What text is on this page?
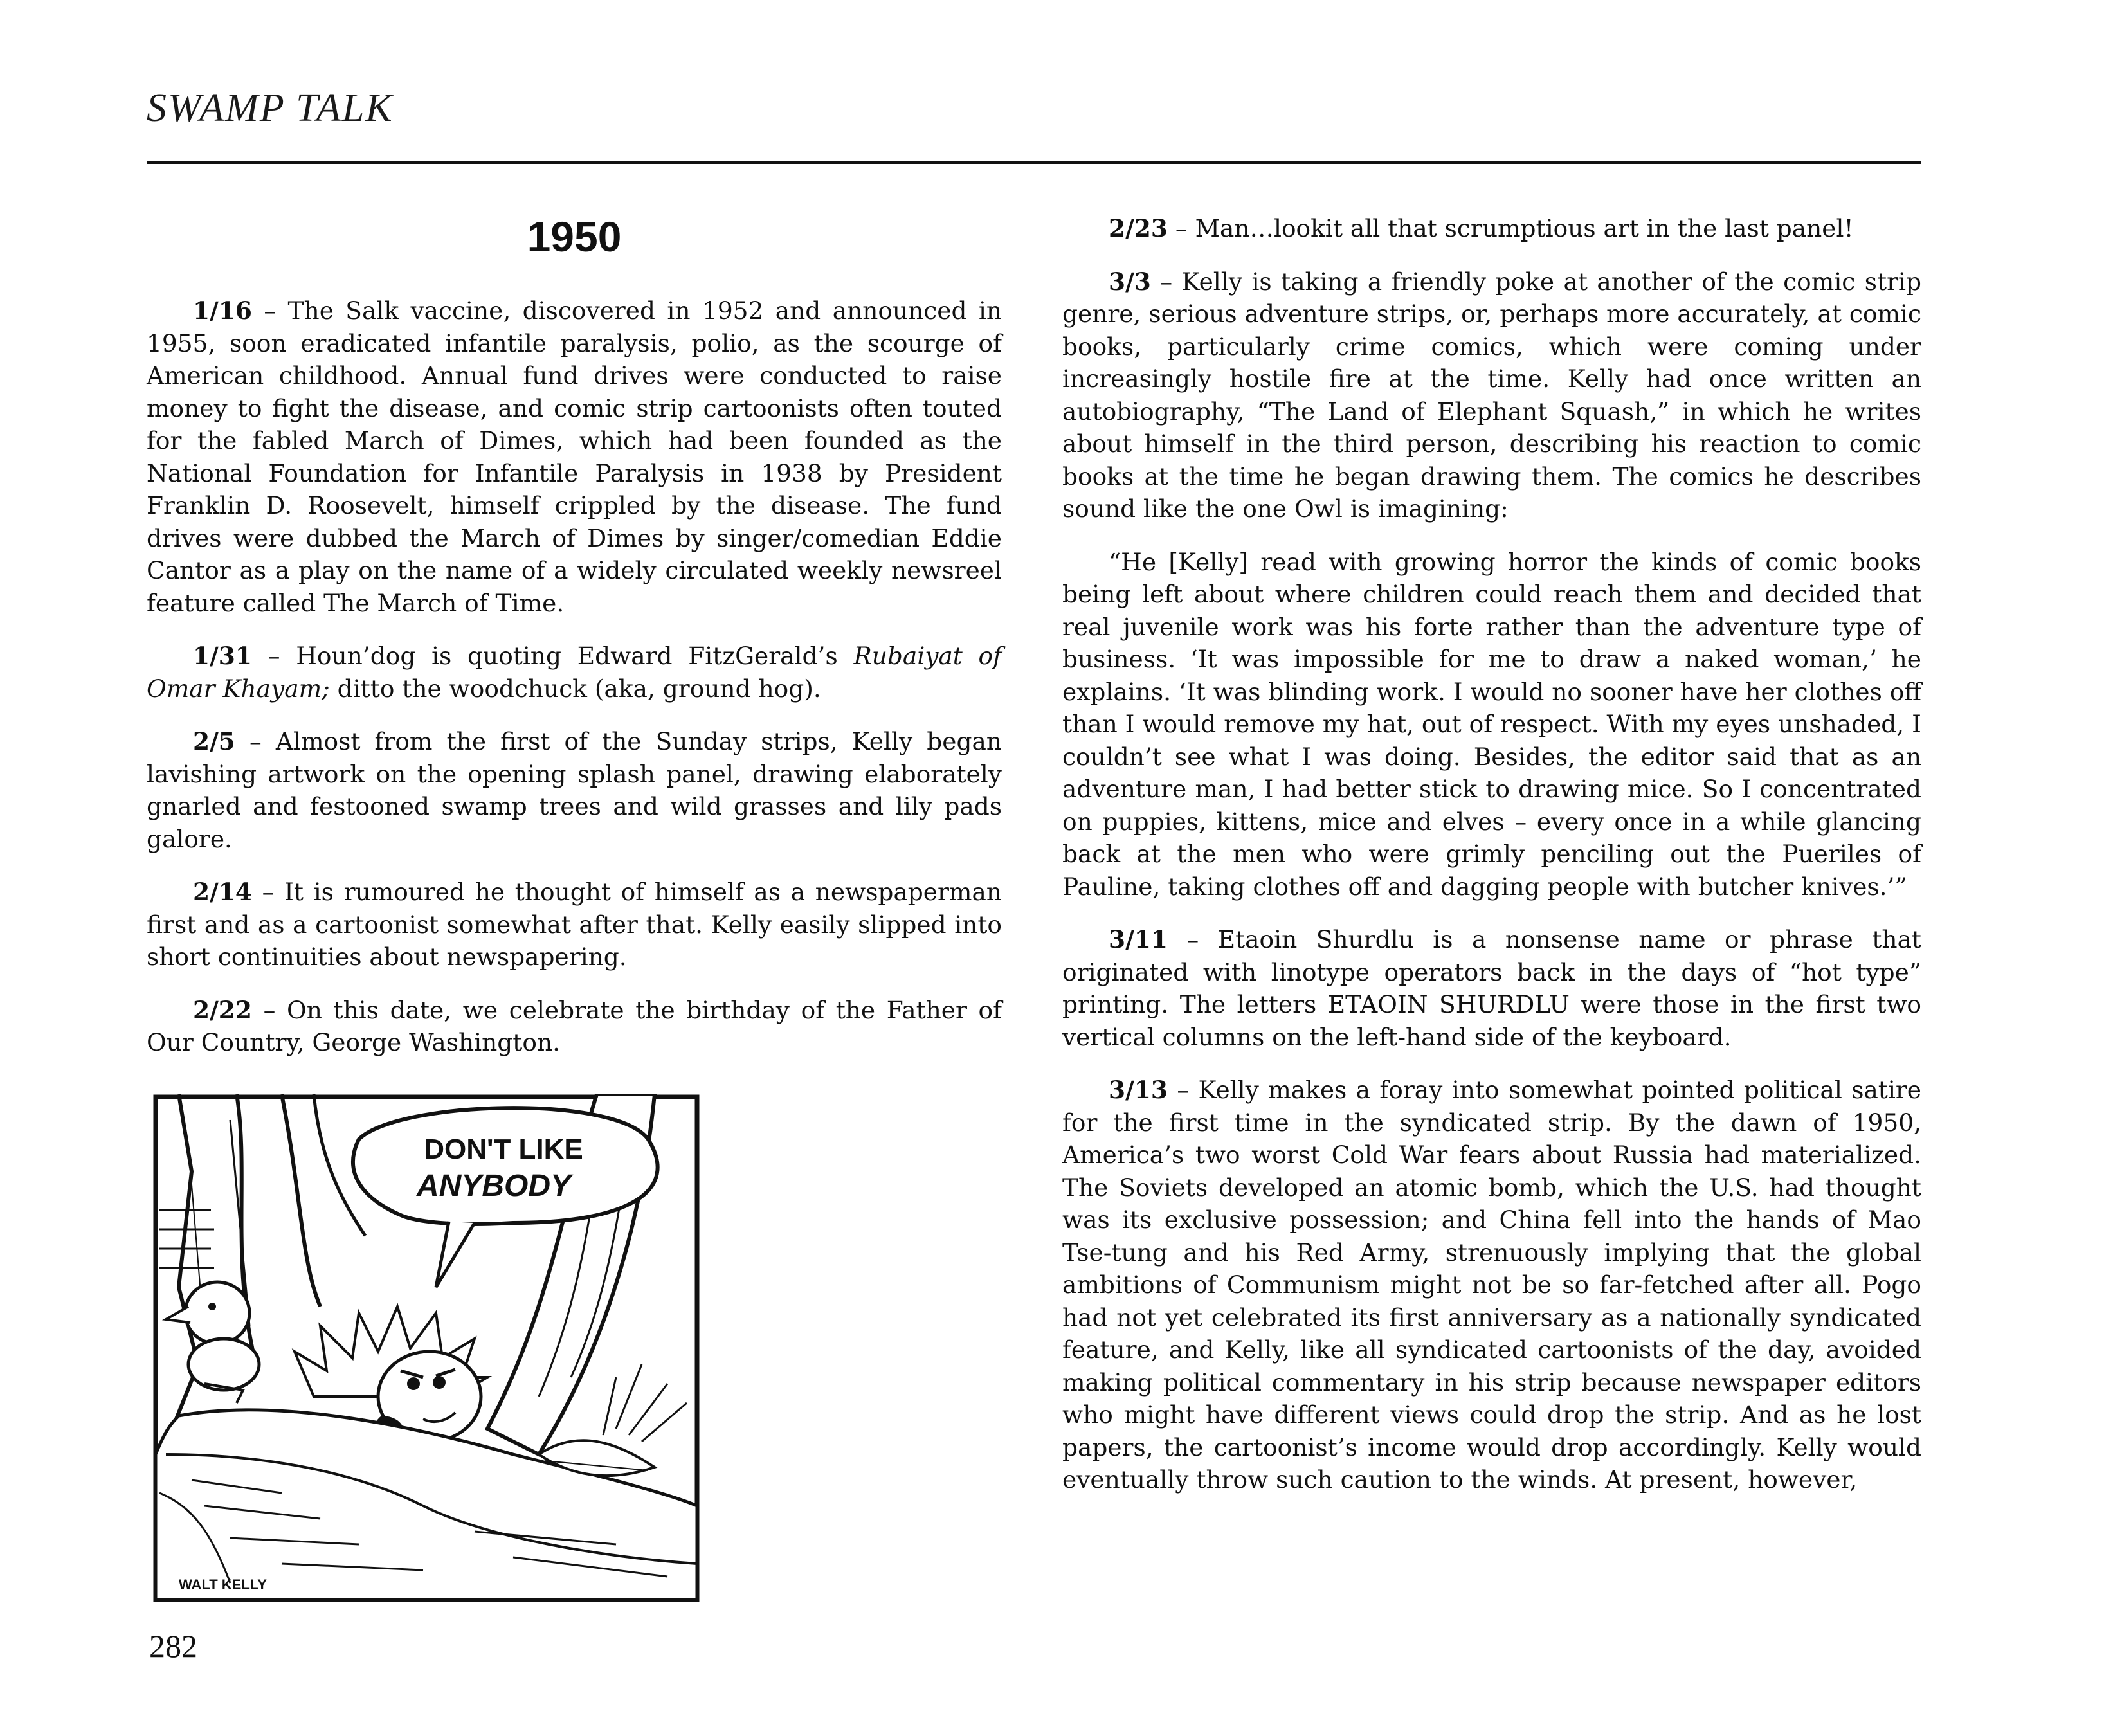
SWAMP TALK
1950

1/16 – The Salk vaccine, discovered in 1952 and announced in 1955, soon eradicated infantile paralysis, polio, as the scourge of American childhood. Annual fund drives were conducted to raise money to fight the disease, and comic strip cartoonists often touted for the fabled March of Dimes, which had been founded as the National Foundation for Infantile Paralysis in 1938 by President Franklin D. Roosevelt, himself crippled by the disease. The fund drives were dubbed the March of Dimes by singer/comedian Eddie Cantor as a play on the name of a widely circulated weekly newsreel feature called The March of Time.

1/31 – Houn’dog is quoting Edward FitzGerald’s Rubaiyat of Omar Khayam; ditto the woodchuck (aka, ground hog).

2/5 – Almost from the first of the Sunday strips, Kelly began lavishing artwork on the opening splash panel, drawing elaborately gnarled and festooned swamp trees and wild grasses and lily pads galore.

2/14 – It is rumoured he thought of himself as a newspaperman first and as a cartoonist somewhat after that. Kelly easily slipped into short continuities about newspapering.

2/22 – On this date, we celebrate the birthday of the Father of Our Country, George Washington.

DON'T LIKE
ANYBODY
WALT KELLY

2/23 – Man…lookit all that scrumptious art in the last panel!

3/3 – Kelly is taking a friendly poke at another of the comic strip genre, serious adventure strips, or, perhaps more accurately, at comic books, particularly crime comics, which were coming under increasingly hostile fire at the time. Kelly had once written an autobiography, “The Land of Elephant Squash,” in which he writes about himself in the third person, describing his reaction to comic books at the time he began drawing them. The comics he describes sound like the one Owl is imagining:

“He [Kelly] read with growing horror the kinds of comic books being left about where children could reach them and decided that real juvenile work was his forte rather than the adventure type of business. ‘It was impossible for me to draw a naked woman,’ he explains. ‘It was blinding work. I would no sooner have her clothes off than I would remove my hat, out of respect. With my eyes unshaded, I couldn’t see what I was doing. Besides, the editor said that as an adventure man, I had better stick to drawing mice. So I concentrated on puppies, kittens, mice and elves – every once in a while glancing back at the men who were grimly penciling out the Pueriles of Pauline, taking clothes off and dagging people with butcher knives.’”

3/11 – Etaoin Shurdlu is a nonsense name or phrase that originated with linotype operators back in the days of “hot type” printing. The letters ETAOIN SHURDLU were those in the first two vertical columns on the left-hand side of the keyboard.

3/13 – Kelly makes a foray into somewhat pointed political satire for the first time in the syndicated strip. By the dawn of 1950, America’s two worst Cold War fears about Russia had materialized. The Soviets developed an atomic bomb, which the U.S. had thought was its exclusive possession; and China fell into the hands of Mao Tse-tung and his Red Army, strenuously implying that the global ambitions of Communism might not be so far-fetched after all. Pogo had not yet celebrated its first anniversary as a nationally syndicated feature, and Kelly, like all syndicated cartoonists of the day, avoided making political commentary in his strip because newspaper editors who might have different views could drop the strip. And as he lost papers, the cartoonist’s income would drop accordingly. Kelly would eventually throw such caution to the winds. At present, however,

282
